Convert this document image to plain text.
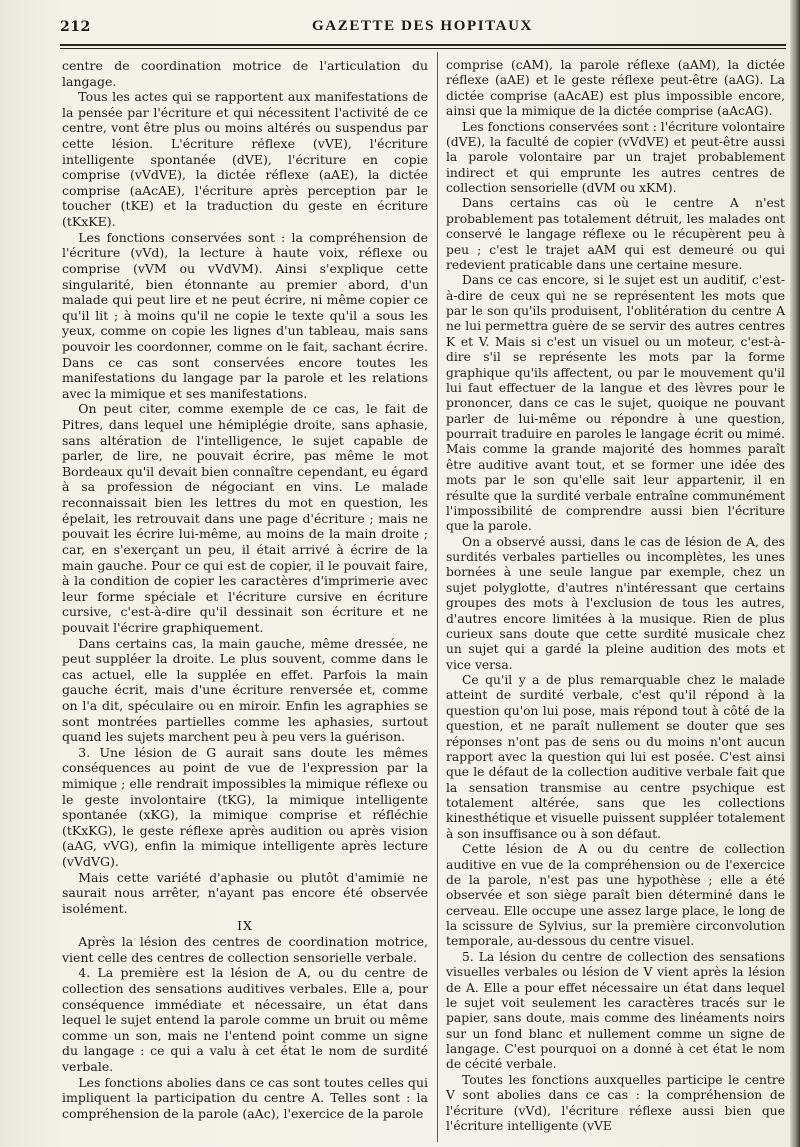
212	GAZETTE DES HOPITAUX

centre de coordination motrice de l'articulation du langage.

Tous les actes qui se rapportent aux manifestations de la pensée par l'écriture et qui nécessitent l'activité de ce centre, vont être plus ou moins altérés ou suspendus par cette lésion. L'écriture réflexe (vVE), l'écriture intelligente spontanée (dVE), l'écriture en copie comprise (vVdVE), la dictée réflexe (aAE), la dictée comprise (aAcAE), l'écriture après perception par le toucher (tKE) et la traduction du geste en écriture (tKxKE).

Les fonctions conservées sont : la compréhension de l'écriture (vVd), la lecture à haute voix, réflexe ou comprise (vVM ou vVdVM). Ainsi s'explique cette singularité, bien étonnante au premier abord, d'un malade qui peut lire et ne peut écrire, ni même copier ce qu'il lit ; à moins qu'il ne copie le texte qu'il a sous les yeux, comme on copie les lignes d'un tableau, mais sans pouvoir les coordonner, comme on le fait, sachant écrire. Dans ce cas sont conservées encore toutes les manifestations du langage par la parole et les relations avec la mimique et ses manifestations.

On peut citer, comme exemple de ce cas, le fait de Pitres, dans lequel une hémiplégie droite, sans aphasie, sans altération de l'intelligence, le sujet capable de parler, de lire, ne pouvait écrire, pas même le mot Bordeaux qu'il devait bien connaître cependant, eu égard à sa profession de négociant en vins. Le malade reconnaissait bien les lettres du mot en question, les épelait, les retrouvait dans une page d'écriture ; mais ne pouvait les écrire lui-même, au moins de la main droite ; car, en s'exerçant un peu, il était arrivé à écrire de la main gauche. Pour ce qui est de copier, il le pouvait faire, à la condition de copier les caractères d'imprimerie avec leur forme spéciale et l'écriture cursive en écriture cursive, c'est-à-dire qu'il dessinait son écriture et ne pouvait l'écrire graphiquement.

Dans certains cas, la main gauche, même dressée, ne peut suppléer la droite. Le plus souvent, comme dans le cas actuel, elle la supplée en effet. Parfois la main gauche écrit, mais d'une écriture renversée et, comme on l'a dit, spéculaire ou en miroir. Enfin les agraphies se sont montrées partielles comme les aphasies, surtout quand les sujets marchent peu à peu vers la guérison.

3. Une lésion de G aurait sans doute les mêmes conséquences au point de vue de l'expression par la mimique ; elle rendrait impossibles la mimique réflexe ou le geste involontaire (tKG), la mimique intelligente spontanée (xKG), la mimique comprise et réfléchie (tKxKG), le geste réflexe après audition ou après vision (aAG, vVG), enfin la mimique intelligente après lecture (vVdVG).

Mais cette variété d'aphasie ou plutôt d'amimie ne saurait nous arrêter, n'ayant pas encore été observée isolément.

IX

Après la lésion des centres de coordination motrice, vient celle des centres de collection sensorielle verbale.

4. La première est la lésion de A, ou du centre de collection des sensations auditives verbales. Elle a, pour conséquence immédiate et nécessaire, un état dans lequel le sujet entend la parole comme un bruit ou même comme un son, mais ne l'entend point comme un signe du langage : ce qui a valu à cet état le nom de surdité verbale.

Les fonctions abolies dans ce cas sont toutes celles qui impliquent la participation du centre A. Telles sont : la compréhension de la parole (aAc), l'exercice de la parole

comprise (cAM), la parole réflexe (aAM), la dictée réflexe (aAE) et le geste réflexe peut-être (aAG). La dictée comprise (aAcAE) est plus impossible encore, ainsi que la mimique de la dictée comprise (aAcAG).

Les fonctions conservées sont : l'écriture volontaire (dVE), la faculté de copier (vVdVE) et peut-être aussi la parole volontaire par un trajet probablement indirect et qui emprunte les autres centres de collection sensorielle (dVM ou xKM).

Dans certains cas où le centre A n'est probablement pas totalement détruit, les malades ont conservé le langage réflexe ou le récupèrent peu à peu ; c'est le trajet aAM qui est demeuré ou qui redevient praticable dans une certaine mesure.

Dans ce cas encore, si le sujet est un auditif, c'est-à-dire de ceux qui ne se représentent les mots que par le son qu'ils produisent, l'oblitération du centre A ne lui permettra guère de se servir des autres centres K et V. Mais si c'est un visuel ou un moteur, c'est-à-dire s'il se représente les mots par la forme graphique qu'ils affectent, ou par le mouvement qu'il lui faut effectuer de la langue et des lèvres pour le prononcer, dans ce cas le sujet, quoique ne pouvant parler de lui-même ou répondre à une question, pourrait traduire en paroles le langage écrit ou mimé. Mais comme la grande majorité des hommes paraît être auditive avant tout, et se former une idée des mots par le son qu'elle sait leur appartenir, il en résulte que la surdité verbale entraîne communément l'impossibilité de comprendre aussi bien l'écriture que la parole.

On a observé aussi, dans le cas de lésion de A, des surdités verbales partielles ou incomplètes, les unes bornées à une seule langue par exemple, chez un sujet polyglotte, d'autres n'intéressant que certains groupes des mots à l'exclusion de tous les autres, d'autres encore limitées à la musique. Rien de plus curieux sans doute que cette surdité musicale chez un sujet qui a gardé la pleine audition des mots et vice versa.

Ce qu'il y a de plus remarquable chez le malade atteint de surdité verbale, c'est qu'il répond à la question qu'on lui pose, mais répond tout à côté de la question, et ne paraît nullement se douter que ses réponses n'ont pas de sens ou du moins n'ont aucun rapport avec la question qui lui est posée. C'est ainsi que le défaut de la collection auditive verbale fait que la sensation transmise au centre psychique est totalement altérée, sans que les collections kinesthétique et visuelle puissent suppléer totalement à son insuffisance ou à son défaut.

Cette lésion de A ou du centre de collection auditive en vue de la compréhension ou de l'exercice de la parole, n'est pas une hypothèse ; elle a été observée et son siège paraît bien déterminé dans le cerveau. Elle occupe une assez large place, le long de la scissure de Sylvius, sur la première circonvolution temporale, au-dessous du centre visuel.

5. La lésion du centre de collection des sensations visuelles verbales ou lésion de V vient après la lésion de A. Elle a pour effet nécessaire un état dans lequel le sujet voit seulement les caractères tracés sur le papier, sans doute, mais comme des linéaments noirs sur un fond blanc et nullement comme un signe de langage. C'est pourquoi on a donné à cet état le nom de cécité verbale.

Toutes les fonctions auxquelles participe le centre V sont abolies dans ce cas : la compréhension de l'écriture (vVd), l'écriture réflexe aussi bien que l'écriture intelligente (vVE
